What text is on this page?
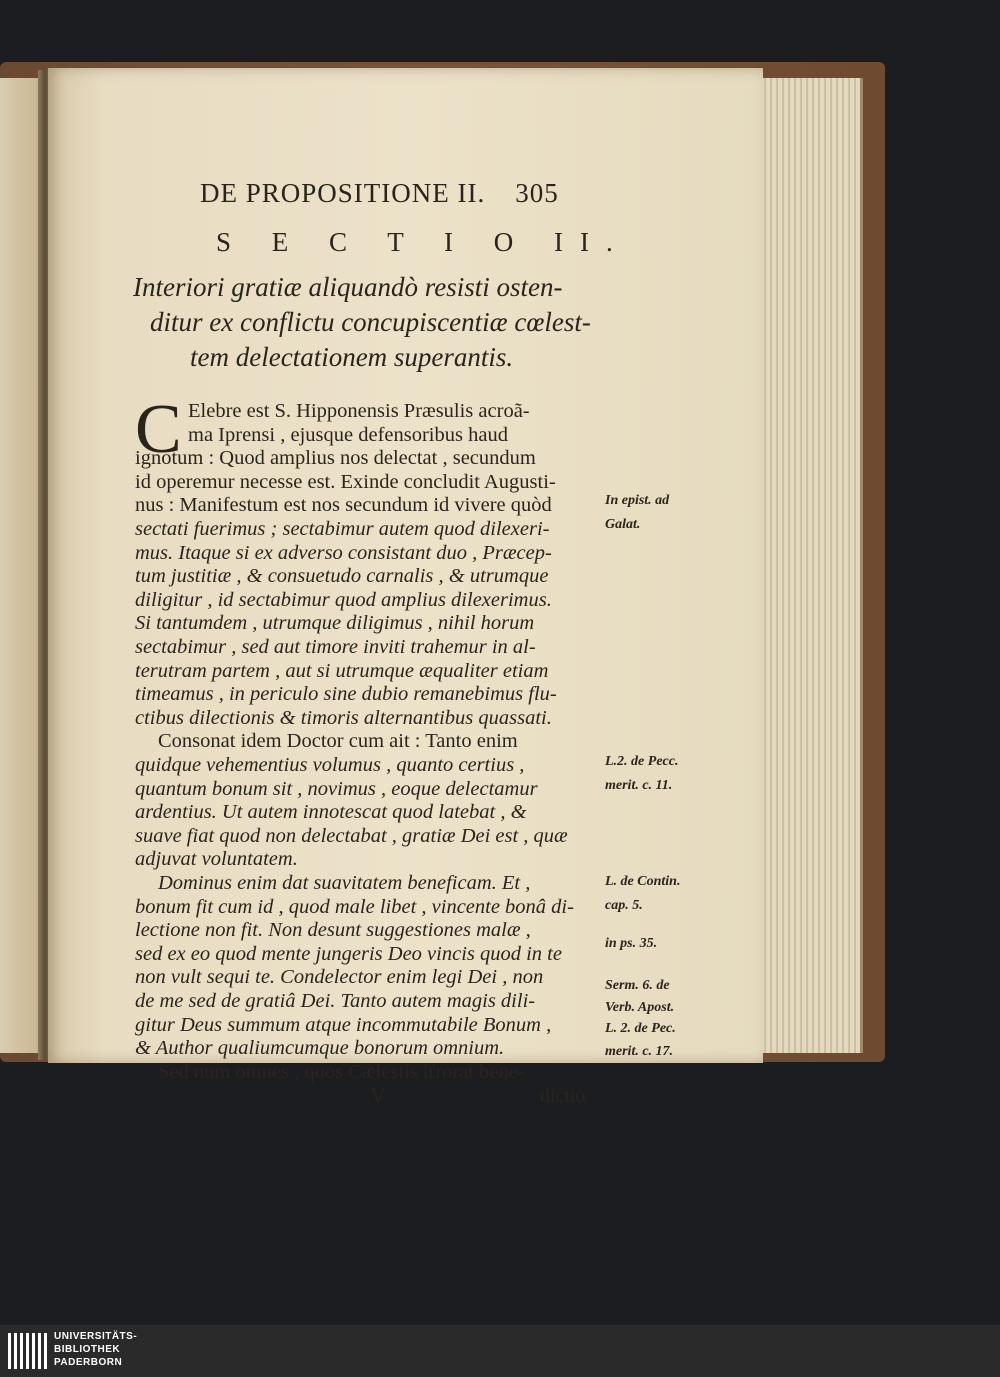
DE PROPOSITIONE II. 305
S E C T I O II.
Interiori gratiæ aliquandò resisti osten-
ditur ex conflictu concupiscentiæ cœlest-
tem delectationem superantis.
C Elebre est S. Hipponensis Præsulis acroã-
ma Iprensi , ejusque defensoribus haud
ignotum : Quod amplius nos delectat , secundum
id operemur necesse est. Exinde concludit Augusti-
nus : Manifestum est nos secundum id vivere quòd
sectati fuerimus ; sectabimur autem quod dilexeri-
mus. Itaque si ex adverso consistant duo , Præcep-
tum justitiæ , & consuetudo carnalis , & utrumque
diligitur , id sectabimur quod amplius dilexerimus.
Si tantumdem , utrumque diligimus , nihil horum
sectabimur , sed aut timore inviti trahemur in al-
terutram partem , aut si utrumque æqualiter etiam
timeamus , in periculo sine dubio remanebimus flu-
ctibus dilectionis & timoris alternantibus quassati.
Consonat idem Doctor cum ait : Tanto enim
quidque vehementius volumus , quanto certius ,
quantum bonum sit , novimus , eoque delectamur
ardentius. Ut autem innotescat quod latebat , &
suave fiat quod non delectabat , gratiæ Dei est , quæ
adjuvat voluntatem.
Dominus enim dat suavitatem beneficam. Et ,
bonum fit cum id , quod male libet , vincente bonâ di-
lectione non fit. Non desunt suggestiones malæ ,
sed ex eo quod mente jungeris Deo vincis quod in te
non vult sequi te. Condelector enim legi Dei , non
de me sed de gratiâ Dei. Tanto autem magis dili-
gitur Deus summum atque incommutabile Bonum ,
& Author qualiumcumque bonorum omnium.
Sed num omnes , quos Cælestis irrorat bene-
In epist. ad
Galat.
L.2. de Pecc.
merit. c. 11.
L. de Contin.
cap. 5.
in ps. 35.
Serm. 6. de
Verb. Apost.
L. 2. de Pec.
merit. c. 17.
V	dictio
UNIVERSITÄTS-
BIBLIOTHEK
PADERBORN
